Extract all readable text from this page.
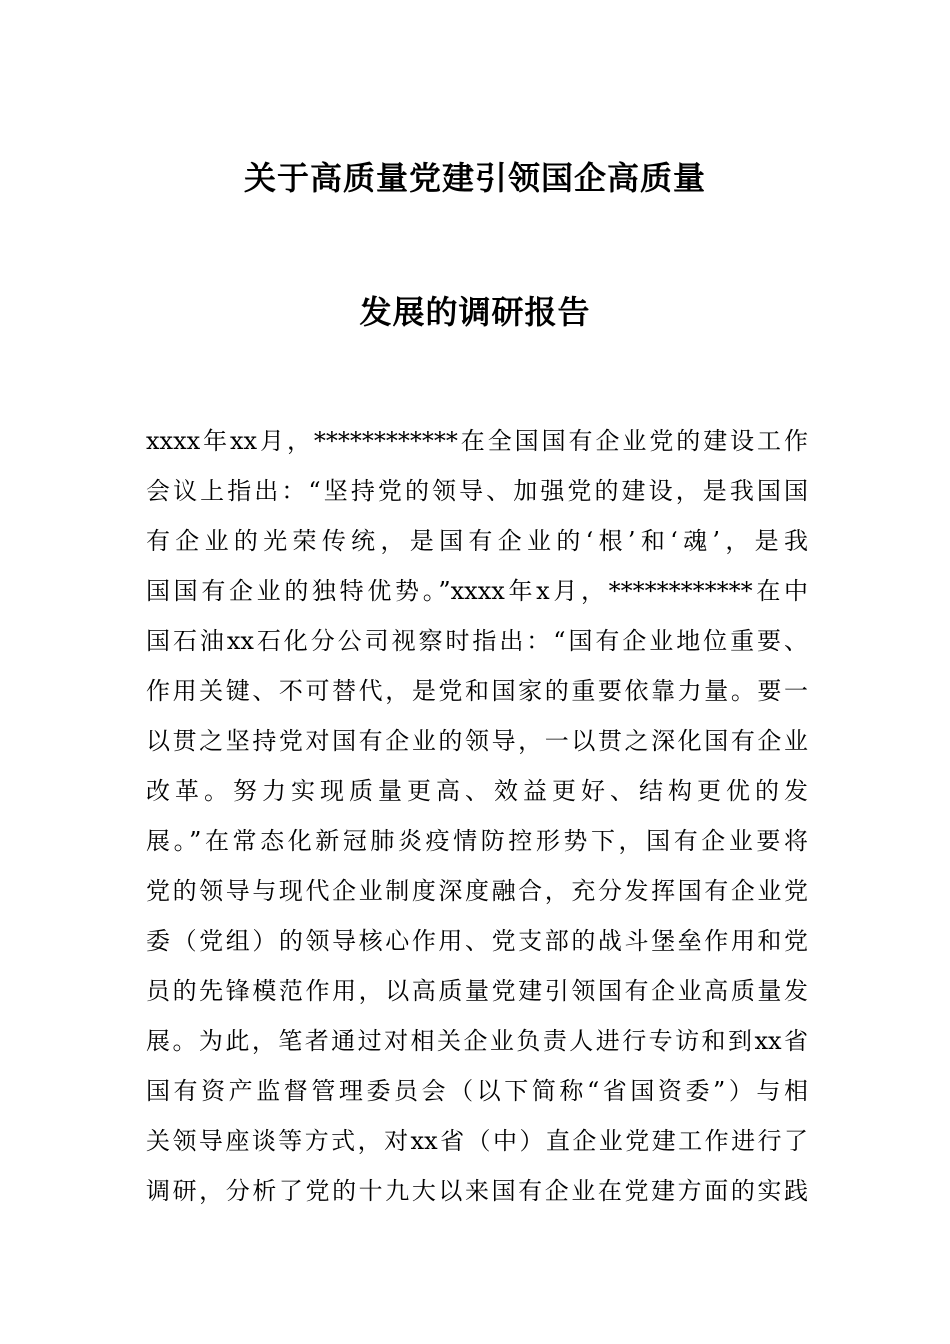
关于高质量党建引领国企高质量
发展的调研报告
xxxx年xx月，************在全国国有企业党的建设工作
会议上指出：“坚持党的领导、加强党的建设，是我国国
有企业的光荣传统，是国有企业的‘根’和‘魂’，是我
国国有企业的独特优势。”xxxx年x月，************在中
国石油xx石化分公司视察时指出：“国有企业地位重要、
作用关键、不可替代，是党和国家的重要依靠力量。要一
以贯之坚持党对国有企业的领导，一以贯之深化国有企业
改革。努力实现质量更高、效益更好、结构更优的发
展。”在常态化新冠肺炎疫情防控形势下，国有企业要将
党的领导与现代企业制度深度融合，充分发挥国有企业党
委（党组）的领导核心作用、党支部的战斗堡垒作用和党
员的先锋模范作用，以高质量党建引领国有企业高质量发
展。为此，笔者通过对相关企业负责人进行专访和到xx省
国有资产监督管理委员会（以下简称“省国资委”）与相
关领导座谈等方式，对xx省（中）直企业党建工作进行了
调研，分析了党的十九大以来国有企业在党建方面的实践
